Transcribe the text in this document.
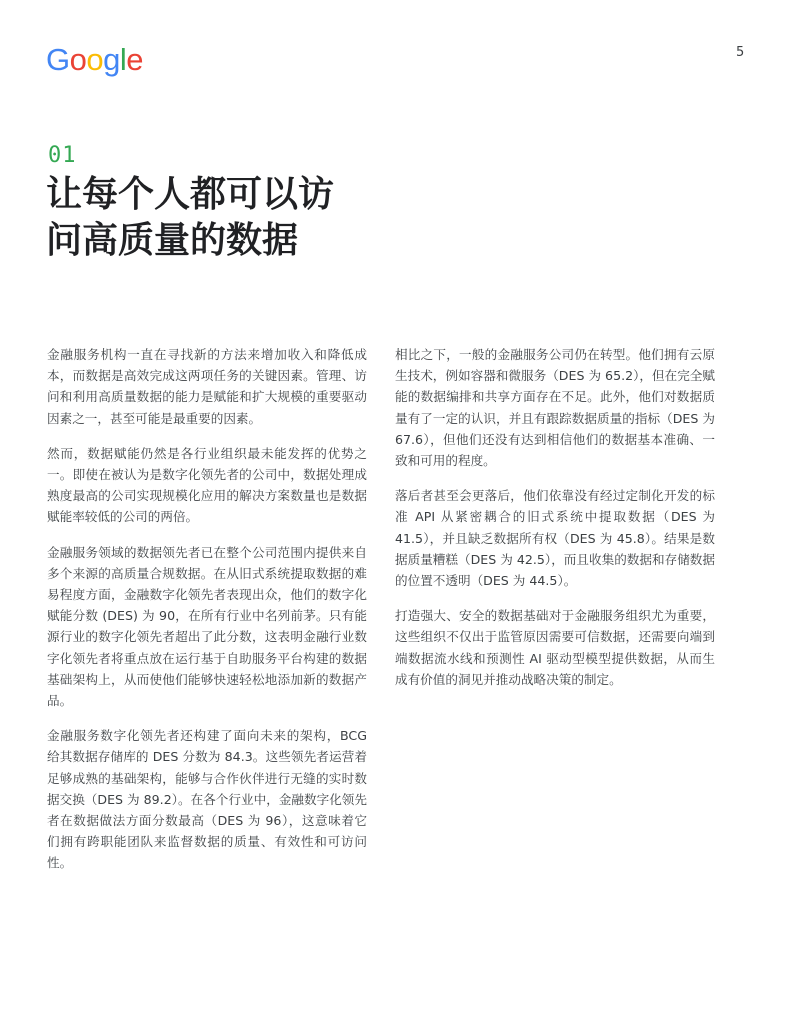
Google	5
01
让每个人都可以访
问高质量的数据

金融服务机构一直在寻找新的方法来增加收入和降低成本，而数据是高效完成这两项任务的关键因素。管理、访问和利用高质量数据的能力是赋能和扩大规模的重要驱动因素之一，甚至可能是最重要的因素。

然而，数据赋能仍然是各行业组织最未能发挥的优势之一。即使在被认为是数字化领先者的公司中，数据处理成熟度最高的公司实现规模化应用的解决方案数量也是数据赋能率较低的公司的两倍。

金融服务领域的数据领先者已在整个公司范围内提供来自多个来源的高质量合规数据。在从旧式系统提取数据的难易程度方面，金融数字化领先者表现出众，他们的数字化赋能分数 (DES) 为 90，在所有行业中名列前茅。只有能源行业的数字化领先者超出了此分数，这表明金融行业数字化领先者将重点放在运行基于自助服务平台构建的数据基础架构上，从而使他们能够快速轻松地添加新的数据产品。

金融服务数字化领先者还构建了面向未来的架构，BCG 给其数据存储库的 DES 分数为 84.3。这些领先者运营着足够成熟的基础架构，能够与合作伙伴进行无缝的实时数据交换（DES 为 89.2）。在各个行业中，金融数字化领先者在数据做法方面分数最高（DES 为 96），这意味着它们拥有跨职能团队来监督数据的质量、有效性和可访问性。

相比之下，一般的金融服务公司仍在转型。他们拥有云原生技术，例如容器和微服务（DES 为 65.2），但在完全赋能的数据编排和共享方面存在不足。此外，他们对数据质量有了一定的认识，并且有跟踪数据质量的指标（DES 为 67.6），但他们还没有达到相信他们的数据基本准确、一致和可用的程度。

落后者甚至会更落后，他们依靠没有经过定制化开发的标准 API 从紧密耦合的旧式系统中提取数据（DES 为 41.5），并且缺乏数据所有权（DES 为 45.8）。结果是数据质量糟糕（DES 为 42.5），而且收集的数据和存储数据的位置不透明（DES 为 44.5）。

打造强大、安全的数据基础对于金融服务组织尤为重要，这些组织不仅出于监管原因需要可信数据，还需要向端到端数据流水线和预测性 AI 驱动型模型提供数据，从而生成有价值的洞见并推动战略决策的制定。
